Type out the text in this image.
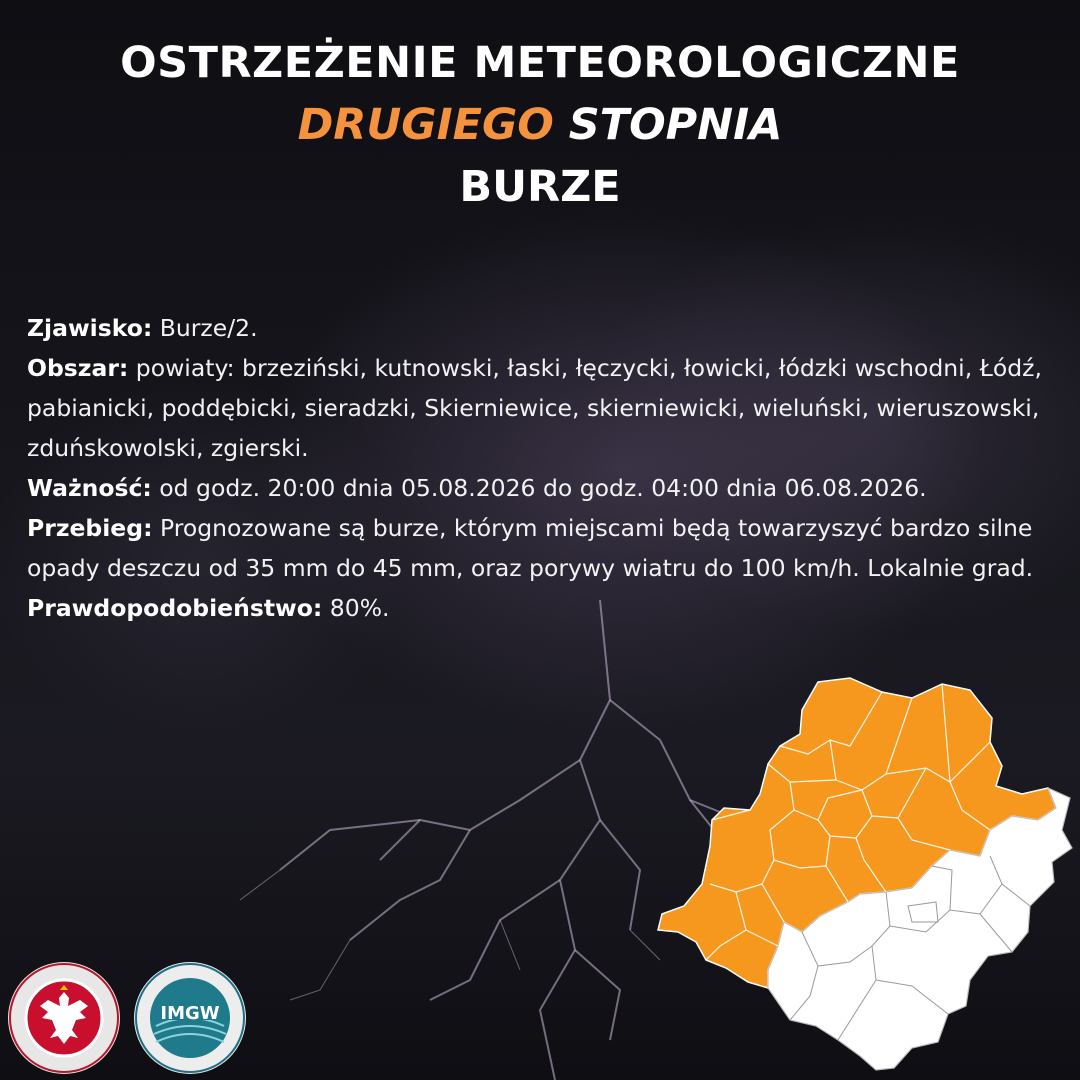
OSTRZEŻENIE METEOROLOGICZNE
DRUGIEGO STOPNIA
BURZE

Zjawisko: Burze/2.

Obszar: powiaty: brzeziński, kutnowski, łaski, łęczycki, łowicki, łódzki wschodni, Łódź, pabianicki, poddębicki, sieradzki, Skierniewice, skierniewicki, wieluński, wieruszowski, zduńskowolski, zgierski.

Ważność: od godz. 20:00 dnia 05.08.2026 do godz. 04:00 dnia 06.08.2026.

Przebieg: Prognozowane są burze, którym miejscami będą towarzyszyć bardzo silne opady deszczu od 35 mm do 45 mm, oraz porywy wiatru do 100 km/h. Lokalnie grad.

Prawdopodobieństwo: 80%.

IMGW
